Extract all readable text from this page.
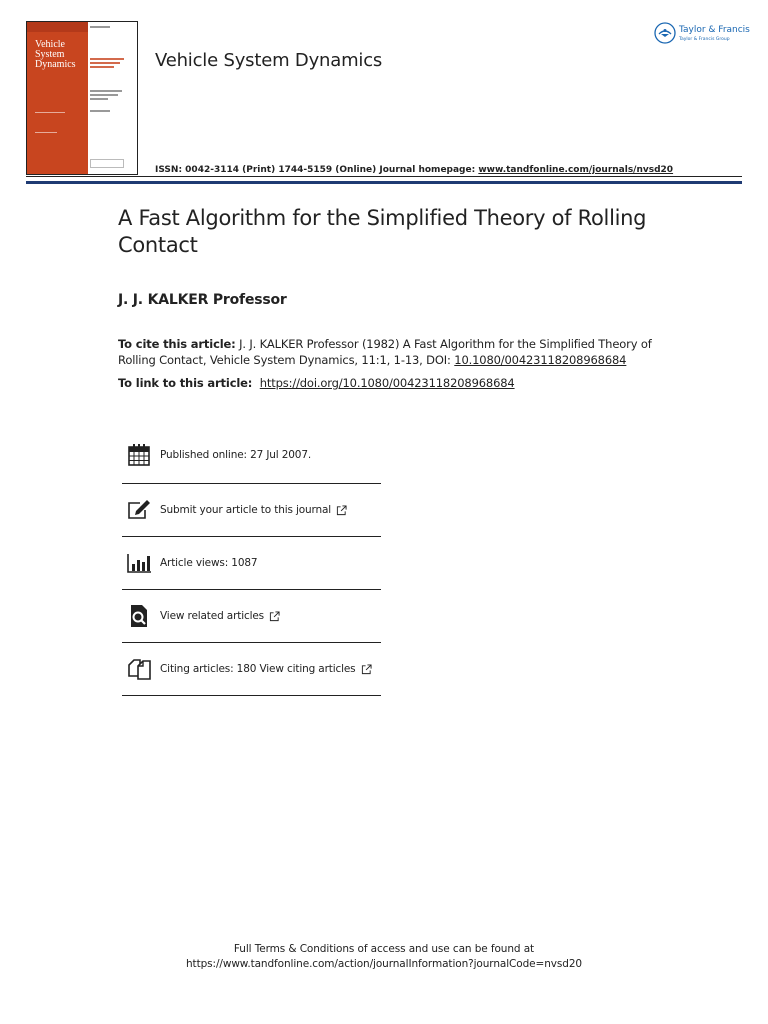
Vehicle
System
Dynamics	Vehicle System Dynamics
ISSN: 0042-3114 (Print) 1744-5159 (Online) Journal homepage: www.tandfonline.com/journals/nvsd20
Taylor & Francis
Taylor & Francis Group
A Fast Algorithm for the Simplified Theory of Rolling Contact
J. J. KALKER Professor
To cite this article: J. J. KALKER Professor (1982) A Fast Algorithm for the Simplified Theory of Rolling Contact, Vehicle System Dynamics, 11:1, 1-13, DOI: 10.1080/00423118208968684
To link to this article: https://doi.org/10.1080/00423118208968684
Published online: 27 Jul 2007.
Submit your article to this journal
Article views: 1087
View related articles
Citing articles: 180 View citing articles
Full Terms & Conditions of access and use can be found at
https://www.tandfonline.com/action/journalInformation?journalCode=nvsd20
